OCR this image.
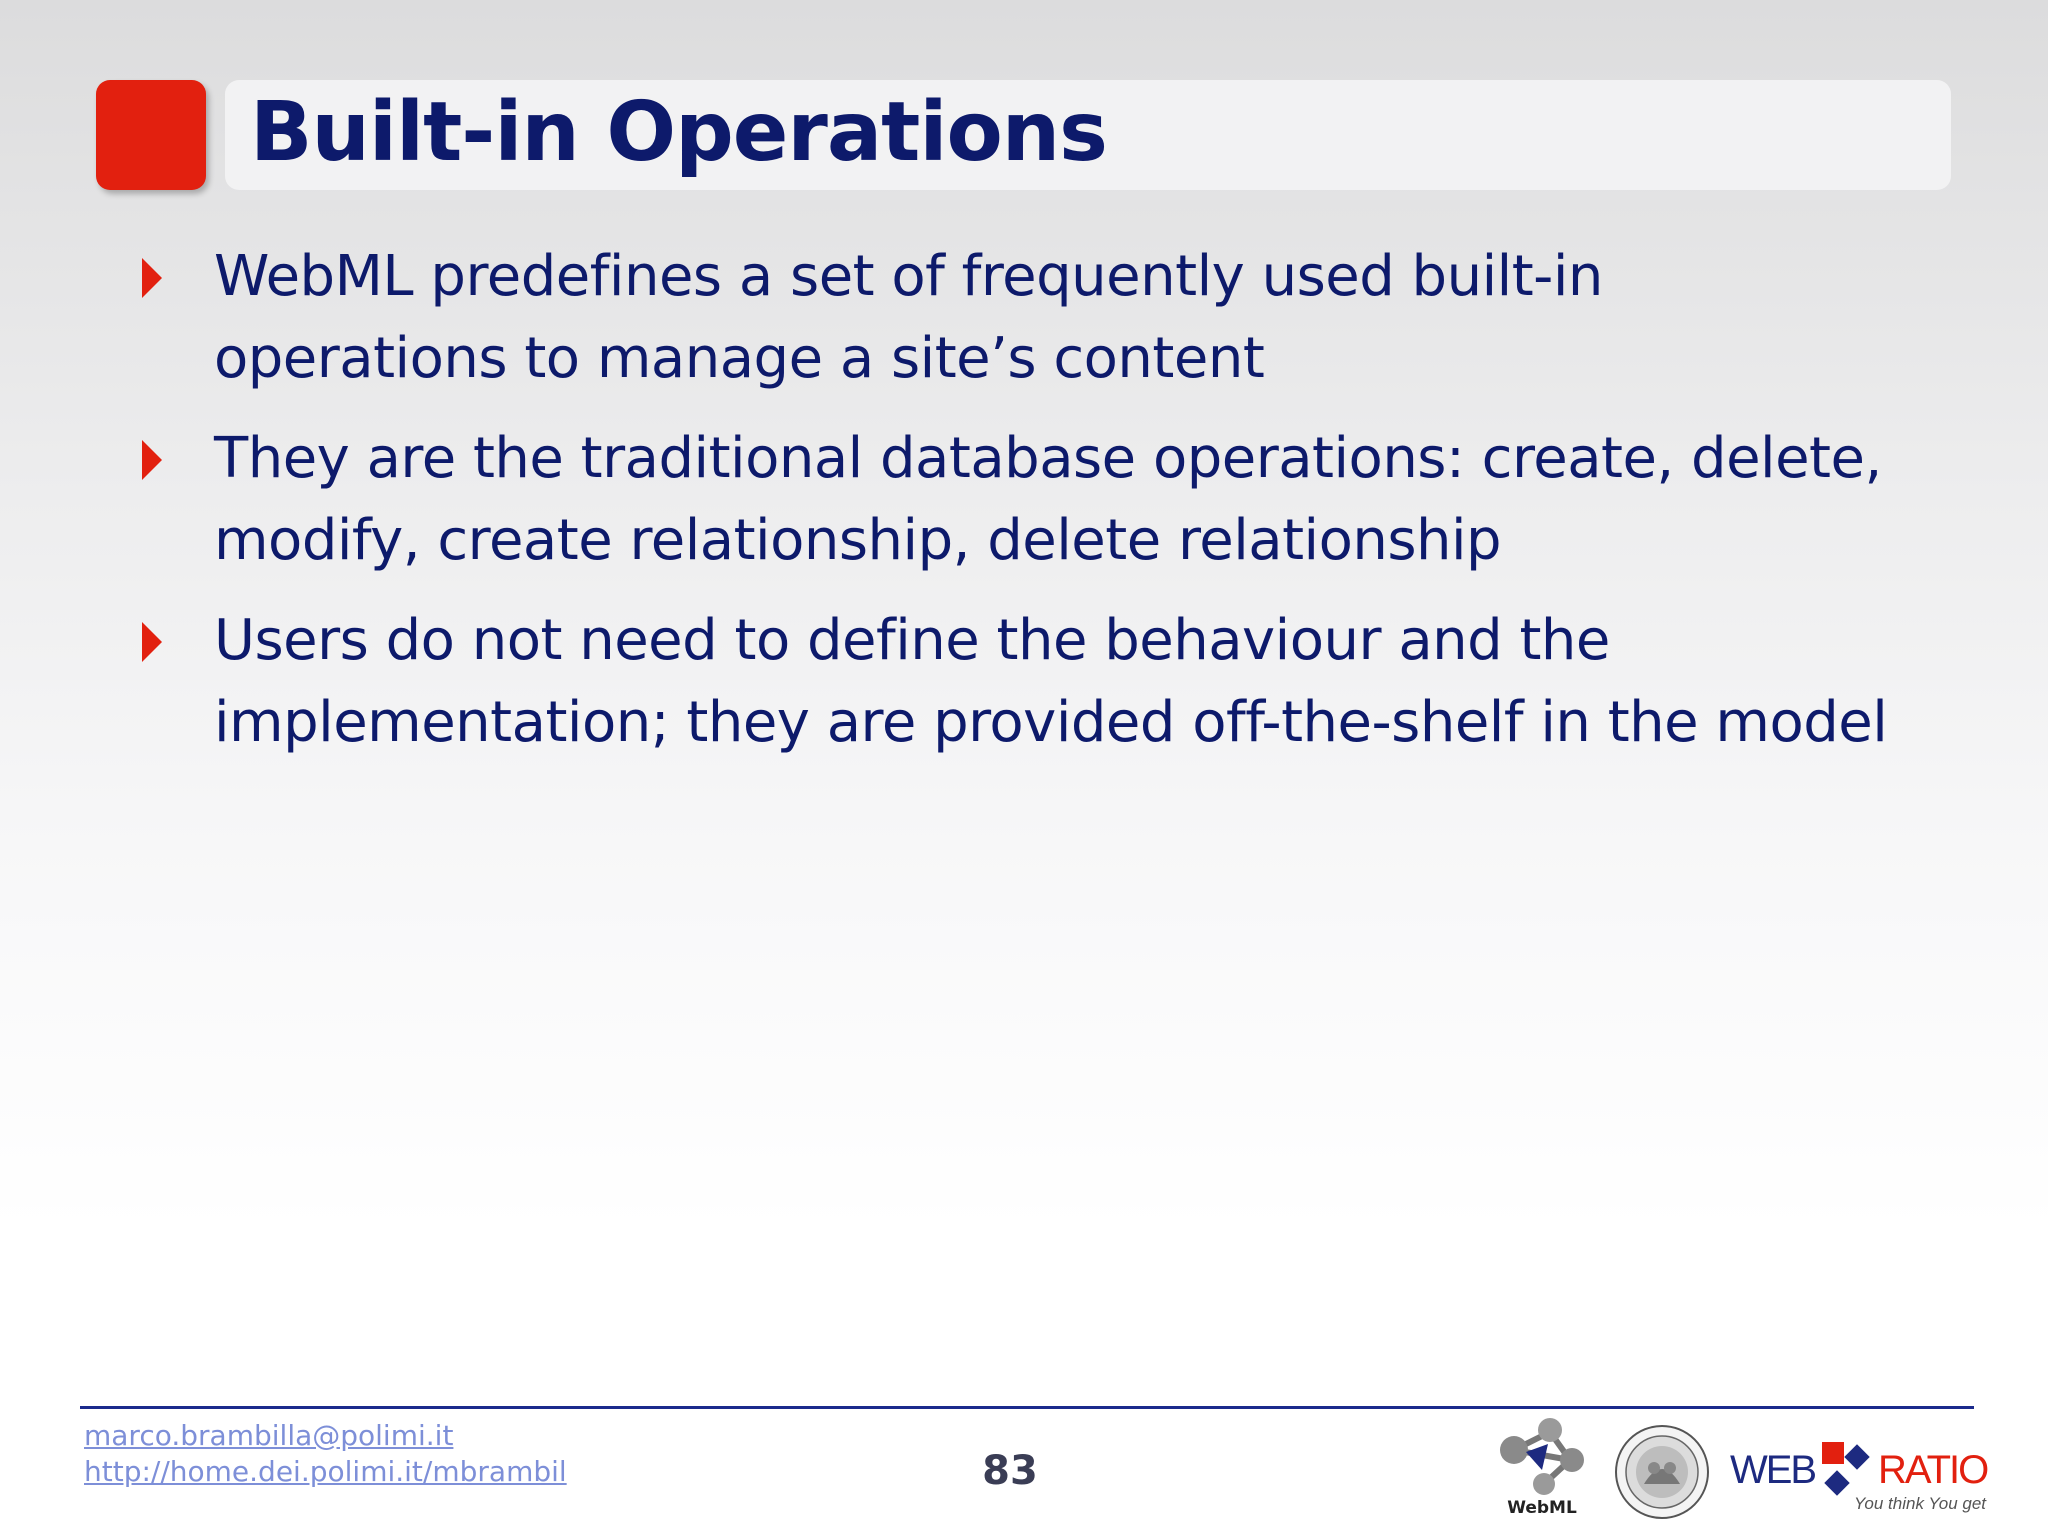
Built-in Operations
WebML predefines a set of frequently used built-in
operations to manage a site’s content
They are the traditional database operations: create, delete,
modify, create relationship, delete relationship
Users do not need to define the behaviour and the
implementation; they are provided off-the-shelf in the model
marco.brambilla@polimi.it
http://home.dei.polimi.it/mbrambil	83
WebML
WEB RATIO
You think You get
